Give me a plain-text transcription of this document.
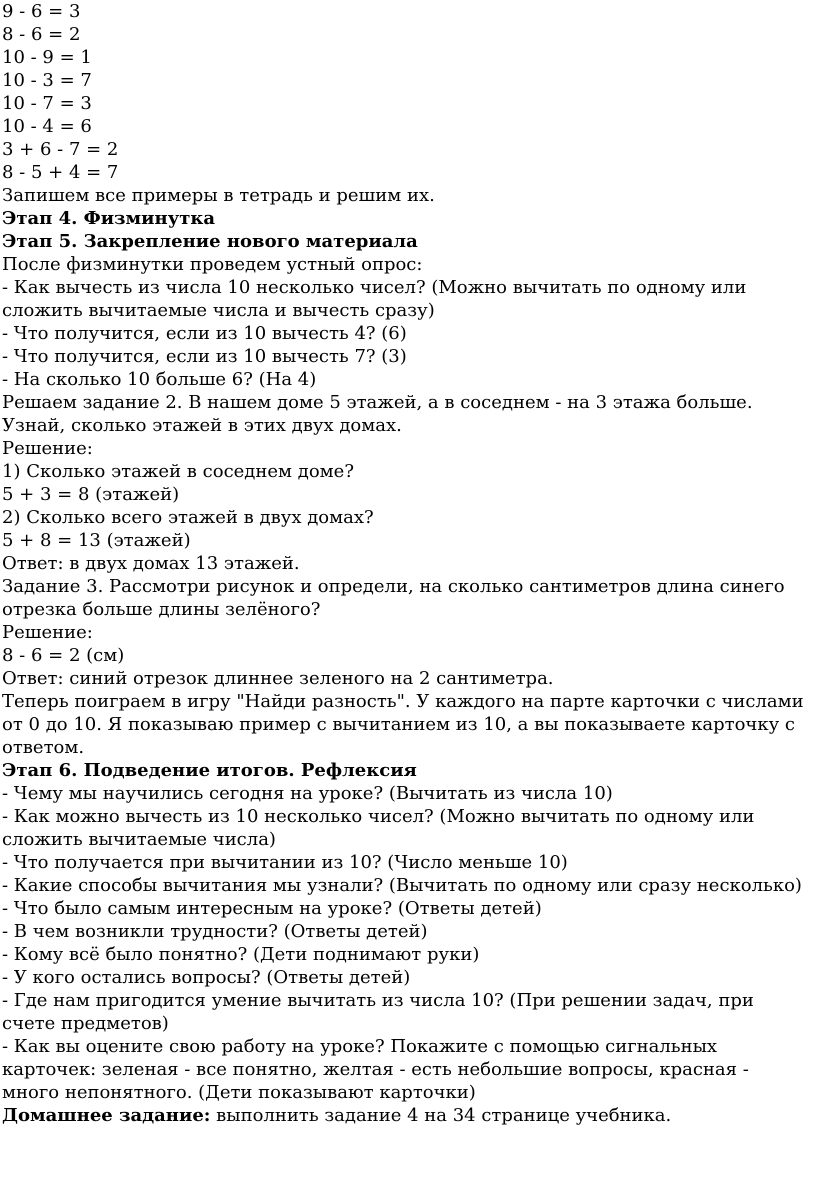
9 - 6 = 3
8 - 6 = 2
10 - 9 = 1
10 - 3 = 7
10 - 7 = 3
10 - 4 = 6
3 + 6 - 7 = 2
8 - 5 + 4 = 7
Запишем все примеры в тетрадь и решим их.
Этап 4. Физминутка
Этап 5. Закрепление нового материала
После физминутки проведем устный опрос:
- Как вычесть из числа 10 несколько чисел? (Можно вычитать по одному или сложить вычитаемые числа и вычесть сразу)
- Что получится, если из 10 вычесть 4? (6)
- Что получится, если из 10 вычесть 7? (3)
- На сколько 10 больше 6? (На 4)
Решаем задание 2. В нашем доме 5 этажей, а в соседнем - на 3 этажа больше. Узнай, сколько этажей в этих двух домах.
Решение:
1) Сколько этажей в соседнем доме?
5 + 3 = 8 (этажей)
2) Сколько всего этажей в двух домах?
5 + 8 = 13 (этажей)
Ответ: в двух домах 13 этажей.
Задание 3. Рассмотри рисунок и определи, на сколько сантиметров длина синего отрезка больше длины зелёного?
Решение:
8 - 6 = 2 (см)
Ответ: синий отрезок длиннее зеленого на 2 сантиметра.
Теперь поиграем в игру "Найди разность". У каждого на парте карточки с числами от 0 до 10. Я показываю пример с вычитанием из 10, а вы показываете карточку с ответом.
Этап 6. Подведение итогов. Рефлексия
- Чему мы научились сегодня на уроке? (Вычитать из числа 10)
- Как можно вычесть из 10 несколько чисел? (Можно вычитать по одному или сложить вычитаемые числа)
- Что получается при вычитании из 10? (Число меньше 10)
- Какие способы вычитания мы узнали? (Вычитать по одному или сразу несколько)
- Что было самым интересным на уроке? (Ответы детей)
- В чем возникли трудности? (Ответы детей)
- Кому всё было понятно? (Дети поднимают руки)
- У кого остались вопросы? (Ответы детей)
- Где нам пригодится умение вычитать из числа 10? (При решении задач, при счете предметов)
- Как вы оцените свою работу на уроке? Покажите с помощью сигнальных карточек: зеленая - все понятно, желтая - есть небольшие вопросы, красная - много непонятного. (Дети показывают карточки)
Домашнее задание: выполнить задание 4 на 34 странице учебника.
